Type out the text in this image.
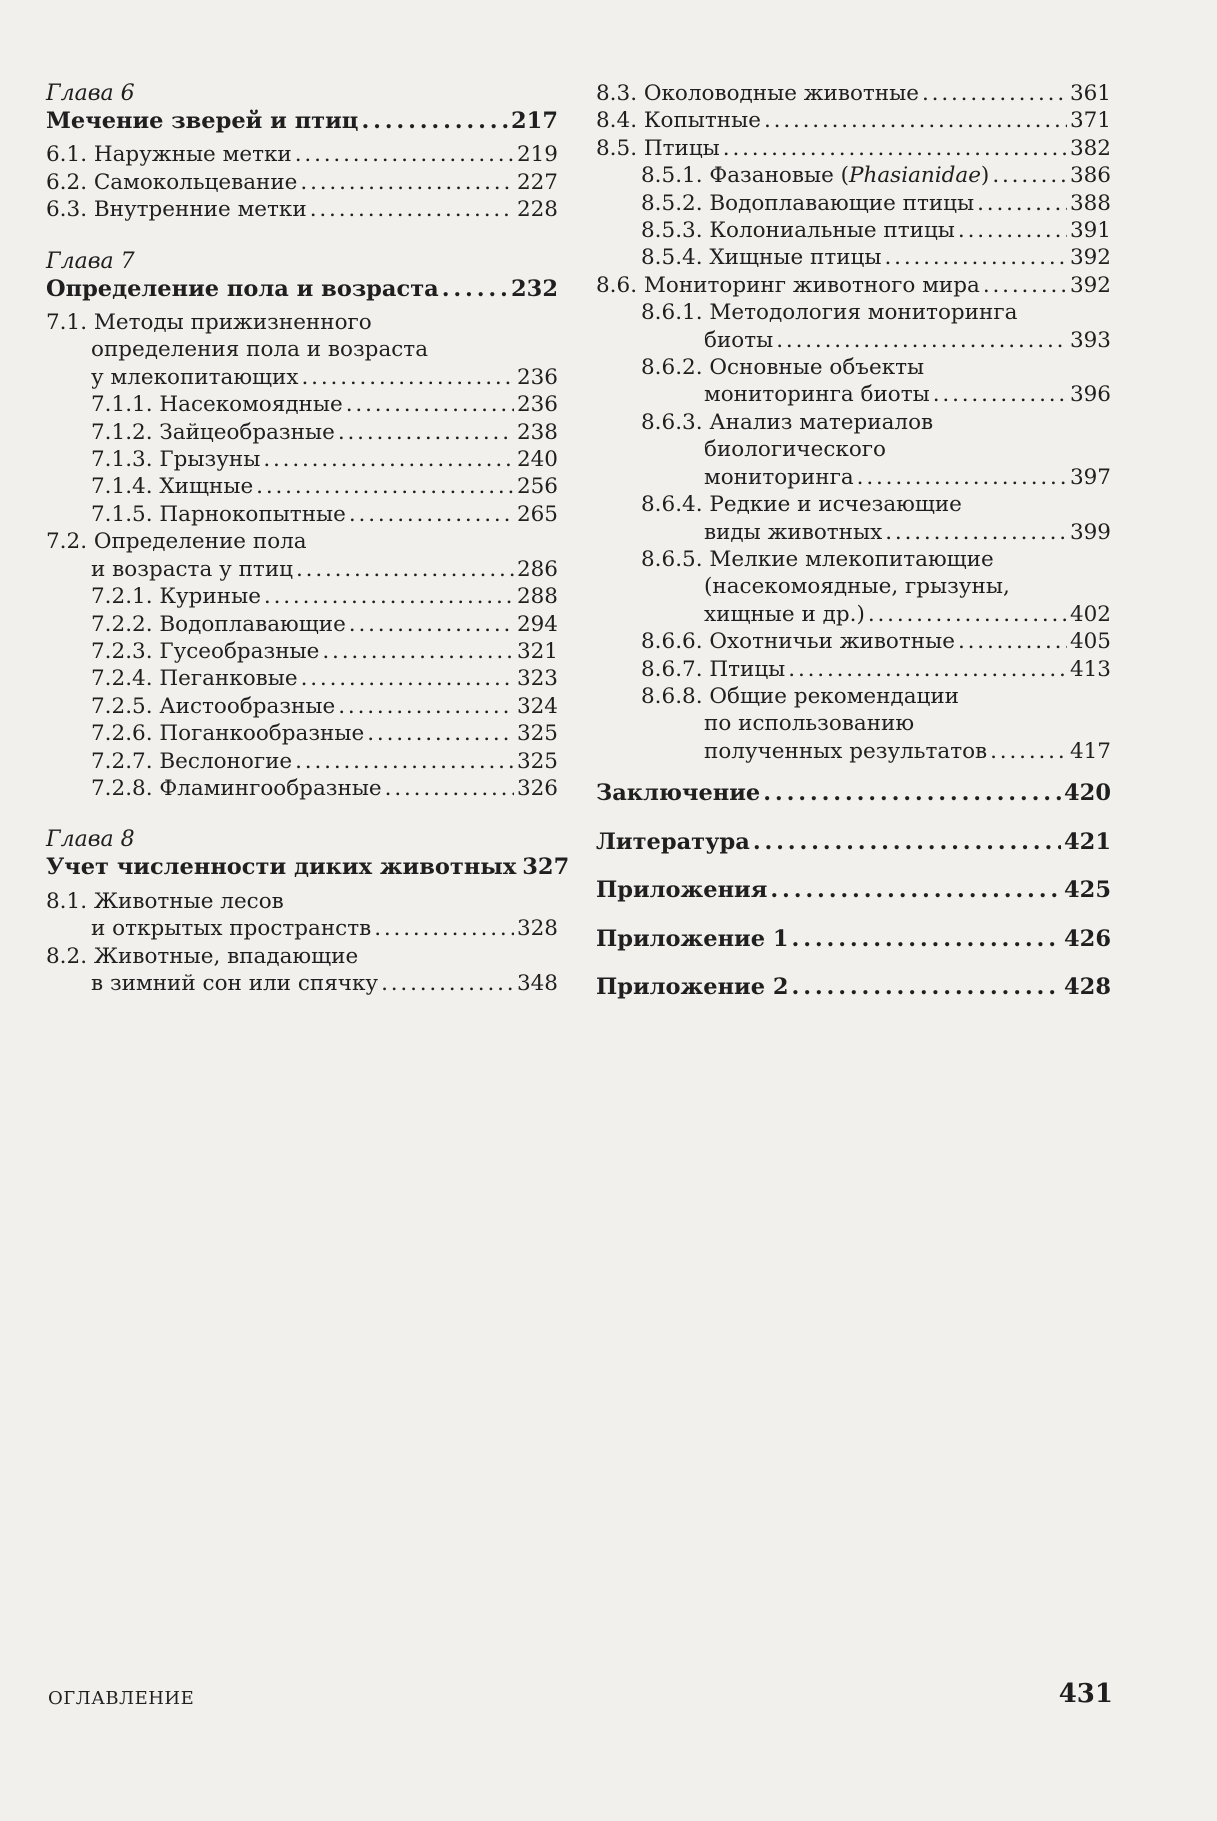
Глава 6
Мечение зверей и птиц . . .	217
6.1. Наружные метки . . .	219
6.2. Самокольцевание . . .	227
6.3. Внутренние метки . . .	228
Глава 7
Определение пола и возраста . . .	232
7.1. Методы прижизненного
определения пола и возраста
у млекопитающих . . .	236
7.1.1. Насекомоядные . . .	236
7.1.2. Зайцеобразные . . .	238
7.1.3. Грызуны . . .	240
7.1.4. Хищные . . .	256
7.1.5. Парнокопытные . . .	265
7.2. Определение пола
и возраста у птиц . . .	286
7.2.1. Куриные . . .	288
7.2.2. Водоплавающие . . .	294
7.2.3. Гусеобразные . . .	321
7.2.4. Пеганковые . . .	323
7.2.5. Аистообразные . . .	324
7.2.6. Поганкообразные . . .	325
7.2.7. Веслоногие . . .	325
7.2.8. Фламингообразные . . .	326
Глава 8
Учет численности диких животных 327
8.1. Животные лесов
и открытых пространств . . .	328
8.2. Животные, впадающие
в зимний сон или спячку . . .	348
8.3. Околоводные животные . . .	361
8.4. Копытные . . .	371
8.5. Птицы . . .	382
8.5.1. Фазановые (Phasianidae) . . .	386
8.5.2. Водоплавающие птицы . . .	388
8.5.3. Колониальные птицы . . .	391
8.5.4. Хищные птицы . . .	392
8.6. Мониторинг животного мира . . .	392
8.6.1. Методология мониторинга
биоты . . .	393
8.6.2. Основные объекты
мониторинга биоты . . .	396
8.6.3. Анализ материалов
биологического
мониторинга . . .	397
8.6.4. Редкие и исчезающие
виды животных . . .	399
8.6.5. Мелкие млекопитающие
(насекомоядные, грызуны,
хищные и др.) . . .	402
8.6.6. Охотничьи животные . . .	405
8.6.7. Птицы . . .	413
8.6.8. Общие рекомендации
по использованию
полученных результатов . . .	417
Заключение . . .	420
Литература . . .	421
Приложения . . .	425
Приложение 1 . . .	426
Приложение 2 . . .	428
ОГЛАВЛЕНИЕ	431
